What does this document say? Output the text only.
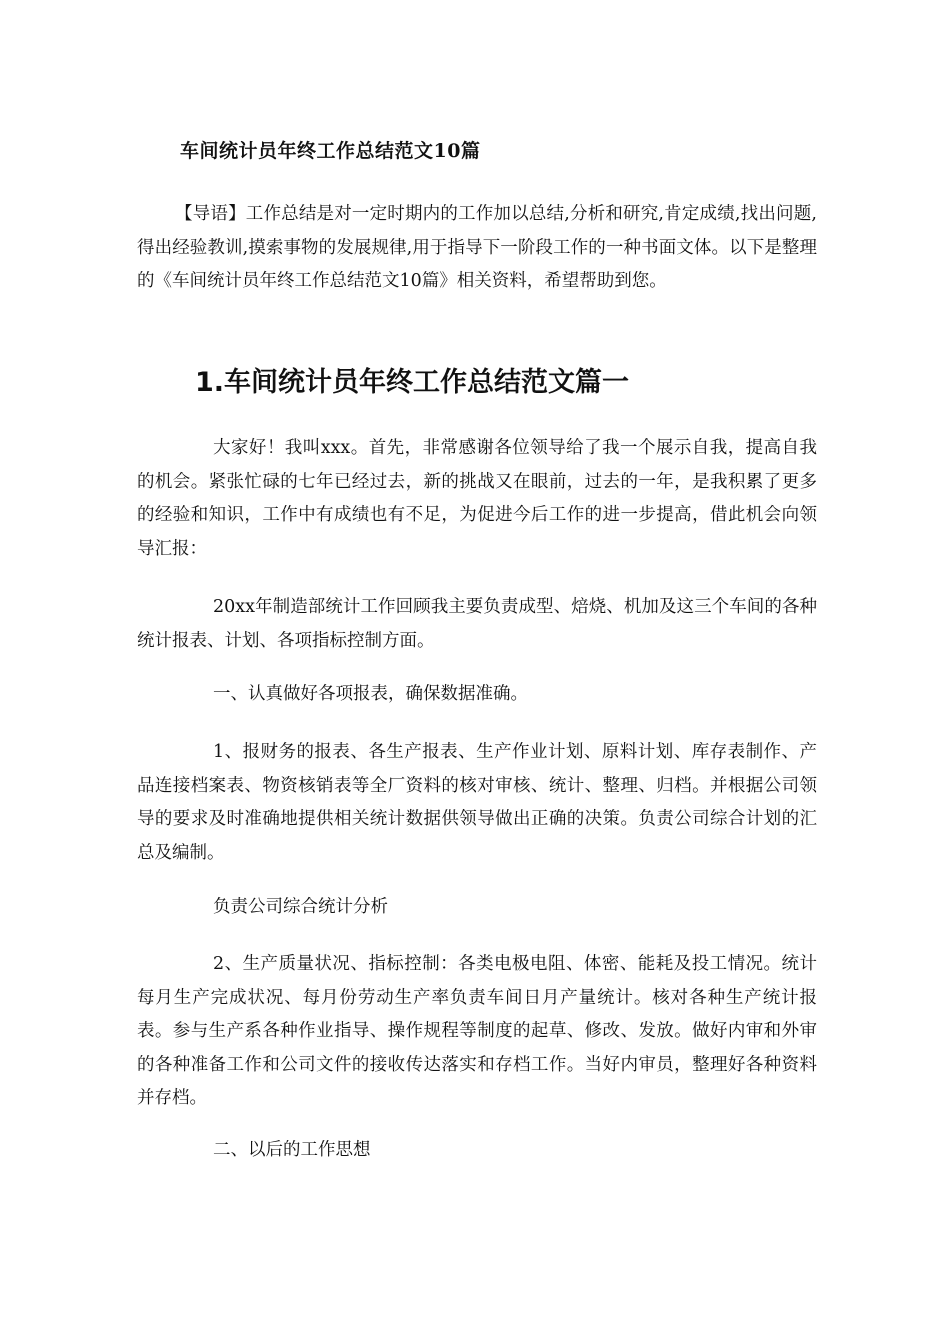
车间统计员年终工作总结范文10篇

【导语】工作总结是对一定时期内的工作加以总结,分析和研究,肯定成绩,找出问题,得出经验教训,摸索事物的发展规律,用于指导下一阶段工作的一种书面文体。以下是整理的《车间统计员年终工作总结范文10篇》相关资料，希望帮助到您。

1.车间统计员年终工作总结范文篇一

大家好！我叫xxx。首先，非常感谢各位领导给了我一个展示自我，提高自我的机会。紧张忙碌的七年已经过去，新的挑战又在眼前，过去的一年，是我积累了更多的经验和知识，工作中有成绩也有不足，为促进今后工作的进一步提高，借此机会向领导汇报：

20xx年制造部统计工作回顾我主要负责成型、焙烧、机加及这三个车间的各种统计报表、计划、各项指标控制方面。

一、认真做好各项报表，确保数据准确。

1、报财务的报表、各生产报表、生产作业计划、原料计划、库存表制作、产品连接档案表、物资核销表等全厂资料的核对审核、统计、整理、归档。并根据公司领导的要求及时准确地提供相关统计数据供领导做出正确的决策。负责公司综合计划的汇总及编制。

负责公司综合统计分析

2、生产质量状况、指标控制：各类电极电阻、体密、能耗及投工情况。统计每月生产完成状况、每月份劳动生产率负责车间日月产量统计。核对各种生产统计报表。参与生产系各种作业指导、操作规程等制度的起草、修改、发放。做好内审和外审的各种准备工作和公司文件的接收传达落实和存档工作。当好内审员，整理好各种资料并存档。

二、以后的工作思想
